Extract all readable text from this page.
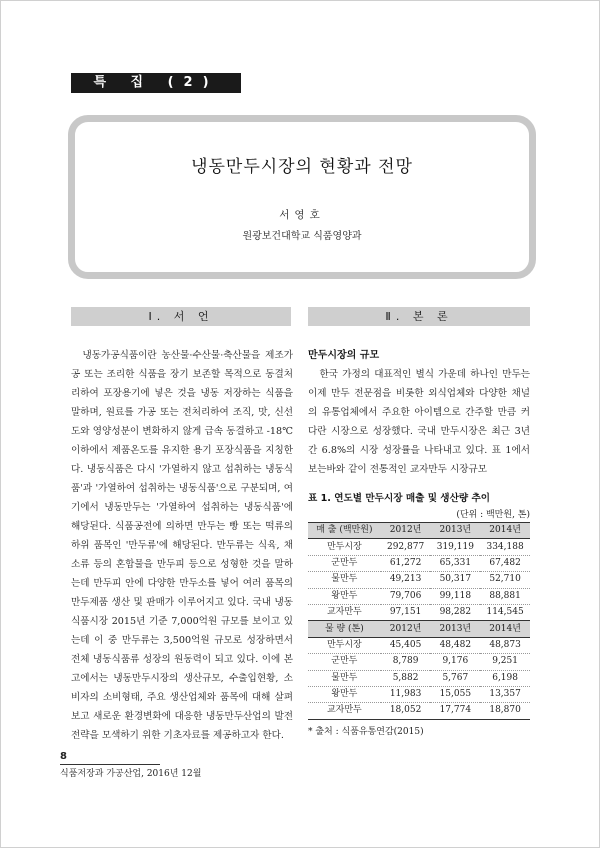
특 집 (2)
냉동만두시장의 현황과 전망
서영호
원광보건대학교 식품영양과
Ⅰ. 서 언	Ⅱ. 본 론

냉동가공식품이란 농산물·수산물·축산물을 제조가공 또는 조리한 식품을 장기 보존할 목적으로 동결처리하여 포장용기에 넣은 것을 냉동 저장하는 식품을 말하며, 원료를 가공 또는 전처리하여 조직, 맛, 신선도와 영양성분이 변화하지 않게 급속 동결하고 -18℃ 이하에서 제품온도를 유지한 용기 포장식품을 지칭한다. 냉동식품은 다시 '가열하지 않고 섭취하는 냉동식품'과 '가열하여 섭취하는 냉동식품'으로 구분되며, 여기에서 냉동만두는 '가열하여 섭취하는 냉동식품'에 해당된다. 식품공전에 의하면 만두는 빵 또는 떡류의 하위 품목인 '만두류'에 해당된다. 만두류는 식육, 채소류 등의 혼합물을 만두피 등으로 성형한 것을 말하는데 만두피 안에 다양한 만두소를 넣어 여러 품목의 만두제품 생산 및 판매가 이루어지고 있다. 국내 냉동식품시장 2015년 기준 7,000억원 규모를 보이고 있는데 이 중 만두류는 3,500억원 규모로 성장하면서 전체 냉동식품류 성장의 원동력이 되고 있다. 이에 본고에서는 냉동만두시장의 생산규모, 수출입현황, 소비자의 소비형태, 주요 생산업체와 품목에 대해 살펴보고 새로운 환경변화에 대응한 냉동만두산업의 발전전략을 모색하기 위한 기초자료를 제공하고자 한다.

만두시장의 규모

한국 가정의 대표적인 별식 가운데 하나인 만두는 이제 만두 전문점을 비롯한 외식업체와 다양한 채널의 유통업체에서 주요한 아이템으로 간주할 만큼 커다란 시장으로 성장했다. 국내 만두시장은 최근 3년간 6.8%의 시장 성장률을 나타내고 있다. 표 1에서 보는바와 같이 전통적인 교자만두 시장규모

표 1. 연도별 만두시장 매출 및 생산량 추이
(단위 : 백만원, 톤)
매 출 (백만원)	2012년	2013년	2014년
만두시장	292,877	319,119	334,188
군만두	61,272	65,331	67,482
물만두	49,213	50,317	52,710
왕만두	79,706	99,118	88,881
교자만두	97,151	98,282	114,545
물 량 (톤)	2012년	2013년	2014년
만두시장	45,405	48,482	48,873
군만두	8,789	9,176	9,251
물만두	5,882	5,767	6,198
왕만두	11,983	15,055	13,357
교자만두	18,052	17,774	18,870
* 출처 : 식품유통연감(2015)
8
식품저장과 가공산업, 2016년 12월
